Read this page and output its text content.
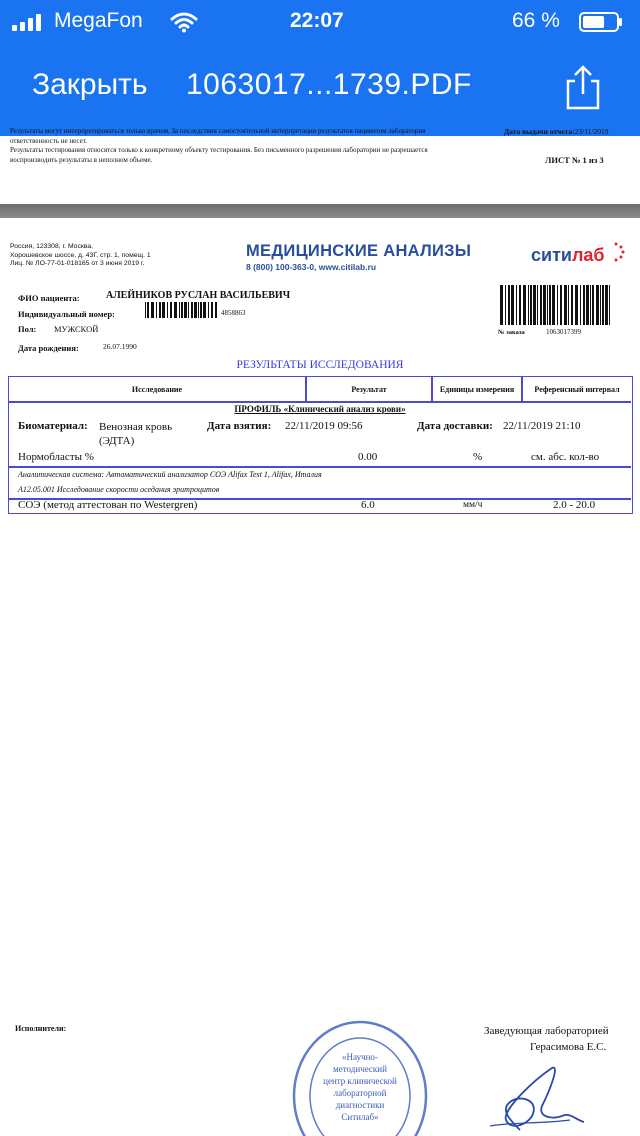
MegaFon	22:07	66 %
Закрыть 1063017...1739.PDF
Результаты могут интерпретироваться только врачом. За последствия самостоятельной интерпретации результатов пациентом лаборатория
ответственность не несет.
Результаты тестирования относятся только к конкретному объекту тестирования. Без письменного разрешения лаборатории не разрешается
воспроизводить результаты в неполном объеме.
Дата выдачи отчета:23/11/2019
ЛИСТ № 1 из 3
Россия, 123308, г. Москва,
Хорошевское шоссе, д. 43Г, стр. 1, помещ. 1
Лиц. № ЛО-77-01-018165 от 3 июня 2019 г.
МЕДИЦИНСКИЕ АНАЛИЗЫ
8 (800) 100-363-0, www.citilab.ru
ситилаб
ФИО пациента:	АЛЕЙНИКОВ РУСЛАН ВАСИЛЬЕВИЧ
Индивидуальный номер:	4858863
Пол: МУЖСКОЙ
Дата рождения:	26.07.1990
№ заказа	1063017399
РЕЗУЛЬТАТЫ ИССЛЕДОВАНИЯ
Исследование	Результат	Единицы измерения	Референсный интервал
ПРОФИЛЬ «Клинический анализ крови»
Биоматериал: Венозная кровь (ЭДТА)
Дата взятия: 22/11/2019 09:56	Дата доставки: 22/11/2019 21:10
Нормобласты %	0.00	%	см. абс. кол-во
Аналитическая система: Автоматический анализатор СОЭ Alifax Test 1, Alifax, Италия
A12.05.001 Исследование скорости оседания эритроцитов
СОЭ (метод аттестован по Westergren)	6.0	мм/ч	2.0 - 20.0
Исполнители:	Заведующая лабораторией
Герасимова Е.С.
«Научно-
методический
центр клинической
лабораторной
диагностики
Ситилаб»
